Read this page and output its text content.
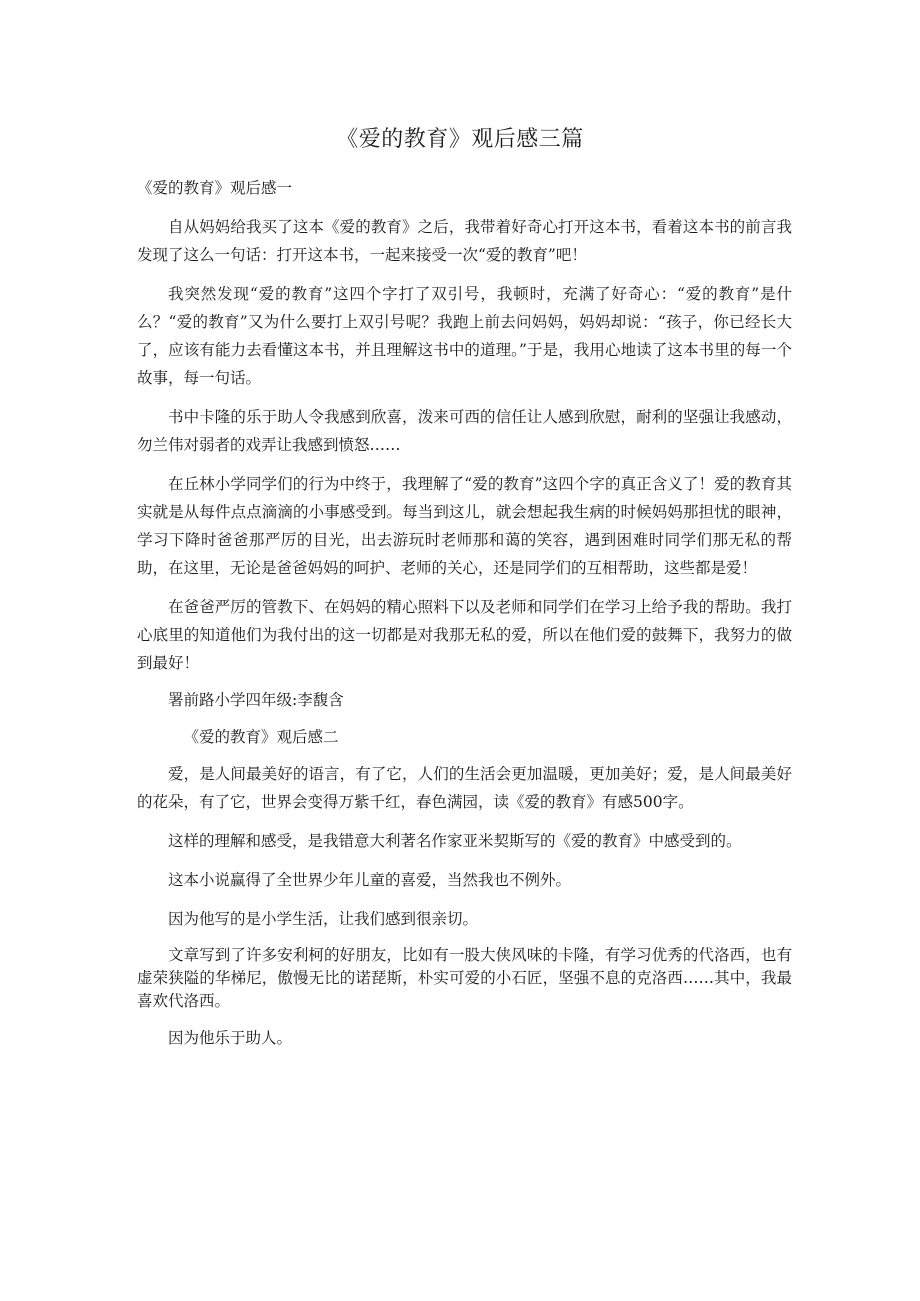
《爱的教育》观后感三篇

《爱的教育》观后感一

自从妈妈给我买了这本《爱的教育》之后，我带着好奇心打开这本书，看着这本书的前言我发现了这么一句话：打开这本书，一起来接受一次“爱的教育”吧！

我突然发现“爱的教育”这四个字打了双引号，我顿时，充满了好奇心：“爱的教育”是什么？“爱的教育”又为什么要打上双引号呢？我跑上前去问妈妈，妈妈却说：“孩子，你已经长大了，应该有能力去看懂这本书，并且理解这书中的道理。”于是，我用心地读了这本书里的每一个故事，每一句话。

书中卡隆的乐于助人令我感到欣喜，泼来可西的信任让人感到欣慰，耐利的坚强让我感动，勿兰伟对弱者的戏弄让我感到愤怒……

在丘林小学同学们的行为中终于，我理解了“爱的教育”这四个字的真正含义了！爱的教育其实就是从每件点点滴滴的小事感受到。每当到这儿，就会想起我生病的时候妈妈那担忧的眼神，学习下降时爸爸那严厉的目光，出去游玩时老师那和蔼的笑容，遇到困难时同学们那无私的帮助，在这里，无论是爸爸妈妈的呵护、老师的关心，还是同学们的互相帮助，这些都是爱！

在爸爸严厉的管教下、在妈妈的精心照料下以及老师和同学们在学习上给予我的帮助。我打心底里的知道他们为我付出的这一切都是对我那无私的爱，所以在他们爱的鼓舞下，我努力的做到最好！

署前路小学四年级:李馥含

《爱的教育》观后感二

爱，是人间最美好的语言，有了它，人们的生活会更加温暖，更加美好；爱，是人间最美好的花朵，有了它，世界会变得万紫千红，春色满园，读《爱的教育》有感500字。

这样的理解和感受，是我错意大利著名作家亚米契斯写的《爱的教育》中感受到的。

这本小说赢得了全世界少年儿童的喜爱，当然我也不例外。

因为他写的是小学生活，让我们感到很亲切。

文章写到了许多安利柯的好朋友，比如有一股大侠风味的卡隆，有学习优秀的代洛西，也有虚荣狭隘的华梯尼，傲慢无比的诺琵斯，朴实可爱的小石匠，坚强不息的克洛西……其中，我最喜欢代洛西。

因为他乐于助人。
